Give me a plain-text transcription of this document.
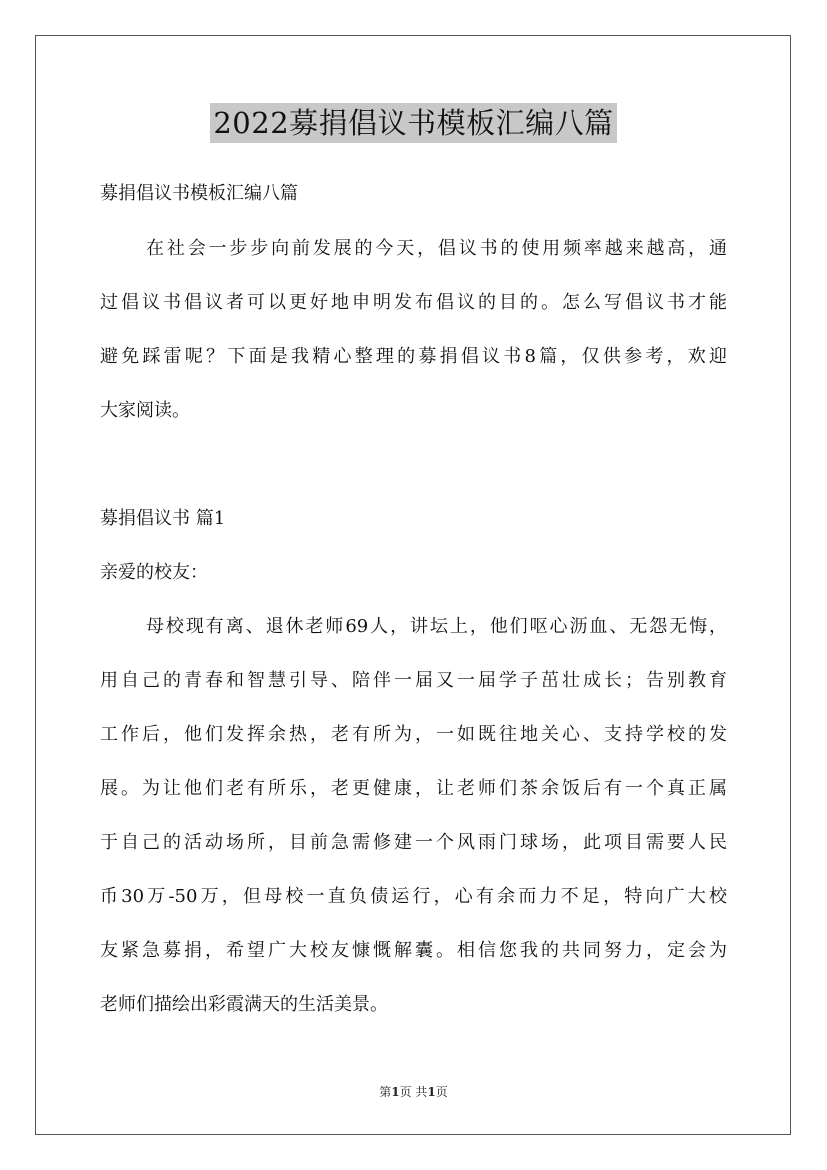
2022募捐倡议书模板汇编八篇
募捐倡议书模板汇编八篇
在社会一步步向前发展的今天，倡议书的使用频率越来越高，通
过倡议书倡议者可以更好地申明发布倡议的目的。怎么写倡议书才能
避免踩雷呢？下面是我精心整理的募捐倡议书8篇，仅供参考，欢迎
大家阅读。
募捐倡议书 篇1
亲爱的校友：
母校现有离、退休老师69人，讲坛上，他们呕心沥血、无怨无悔，
用自己的青春和智慧引导、陪伴一届又一届学子茁壮成长；告别教育
工作后，他们发挥余热，老有所为，一如既往地关心、支持学校的发
展。为让他们老有所乐，老更健康，让老师们茶余饭后有一个真正属
于自己的活动场所，目前急需修建一个风雨门球场，此项目需要人民
币30万-50万，但母校一直负债运行，心有余而力不足，特向广大校
友紧急募捐，希望广大校友慷慨解囊。相信您我的共同努力，定会为
老师们描绘出彩霞满天的生活美景。
第1页 共1页
